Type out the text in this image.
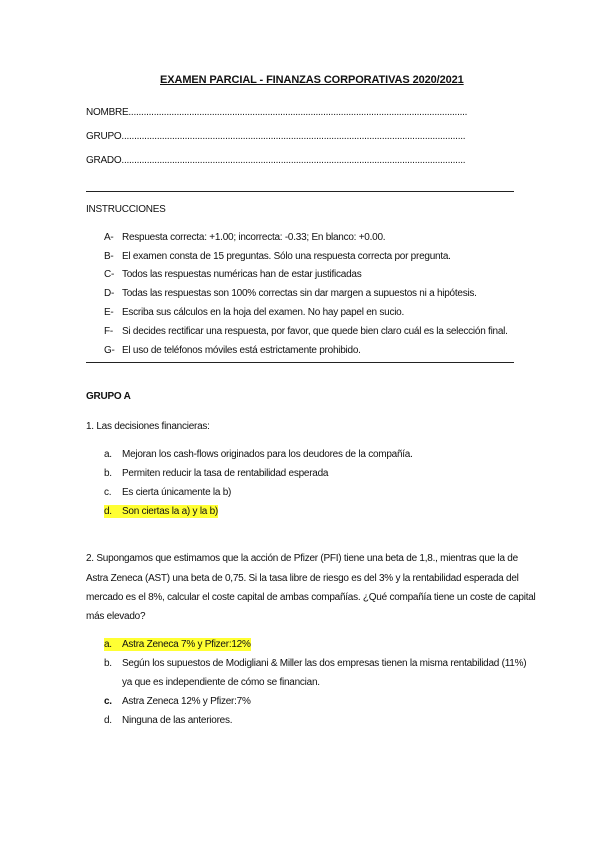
EXAMEN PARCIAL - FINANZAS CORPORATIVAS 2020/2021
NOMBRE......................................................................................................................................
GRUPO........................................................................................................................................
GRADO........................................................................................................................................
INSTRUCCIONES
A- Respuesta correcta: +1.00; incorrecta: -0.33; En blanco: +0.00.
B- El examen consta de 15 preguntas. Sólo una respuesta correcta por pregunta.
C- Todos las respuestas numéricas han de estar justificadas
D- Todas las respuestas son 100% correctas sin dar margen a supuestos ni a hipótesis.
E- Escriba sus cálculos en la hoja del examen. No hay papel en sucio.
F- Si decides rectificar una respuesta, por favor, que quede bien claro cuál es la selección final.
G- El uso de teléfonos móviles está estrictamente prohibido.
GRUPO A
1. Las decisiones financieras:
a. Mejoran los cash-flows originados para los deudores de la compañía.
b. Permiten reducir la tasa de rentabilidad esperada
c. Es cierta únicamente la b)
d. Son ciertas la a) y la b)
2. Supongamos que estimamos que la acción de Pfizer (PFI) tiene una beta de 1,8., mientras que la de
Astra Zeneca (AST) una beta de 0,75. Si la tasa libre de riesgo es del 3% y la rentabilidad esperada del
mercado es el 8%, calcular el coste capital de ambas compañías. ¿Qué compañía tiene un coste de capital
más elevado?
a. Astra Zeneca 7% y Pfizer:12%
b. Según los supuestos de Modigliani & Miller las dos empresas tienen la misma rentabilidad (11%)
ya que es independiente de cómo se financian.
c. Astra Zeneca 12% y Pfizer:7%
d. Ninguna de las anteriores.
